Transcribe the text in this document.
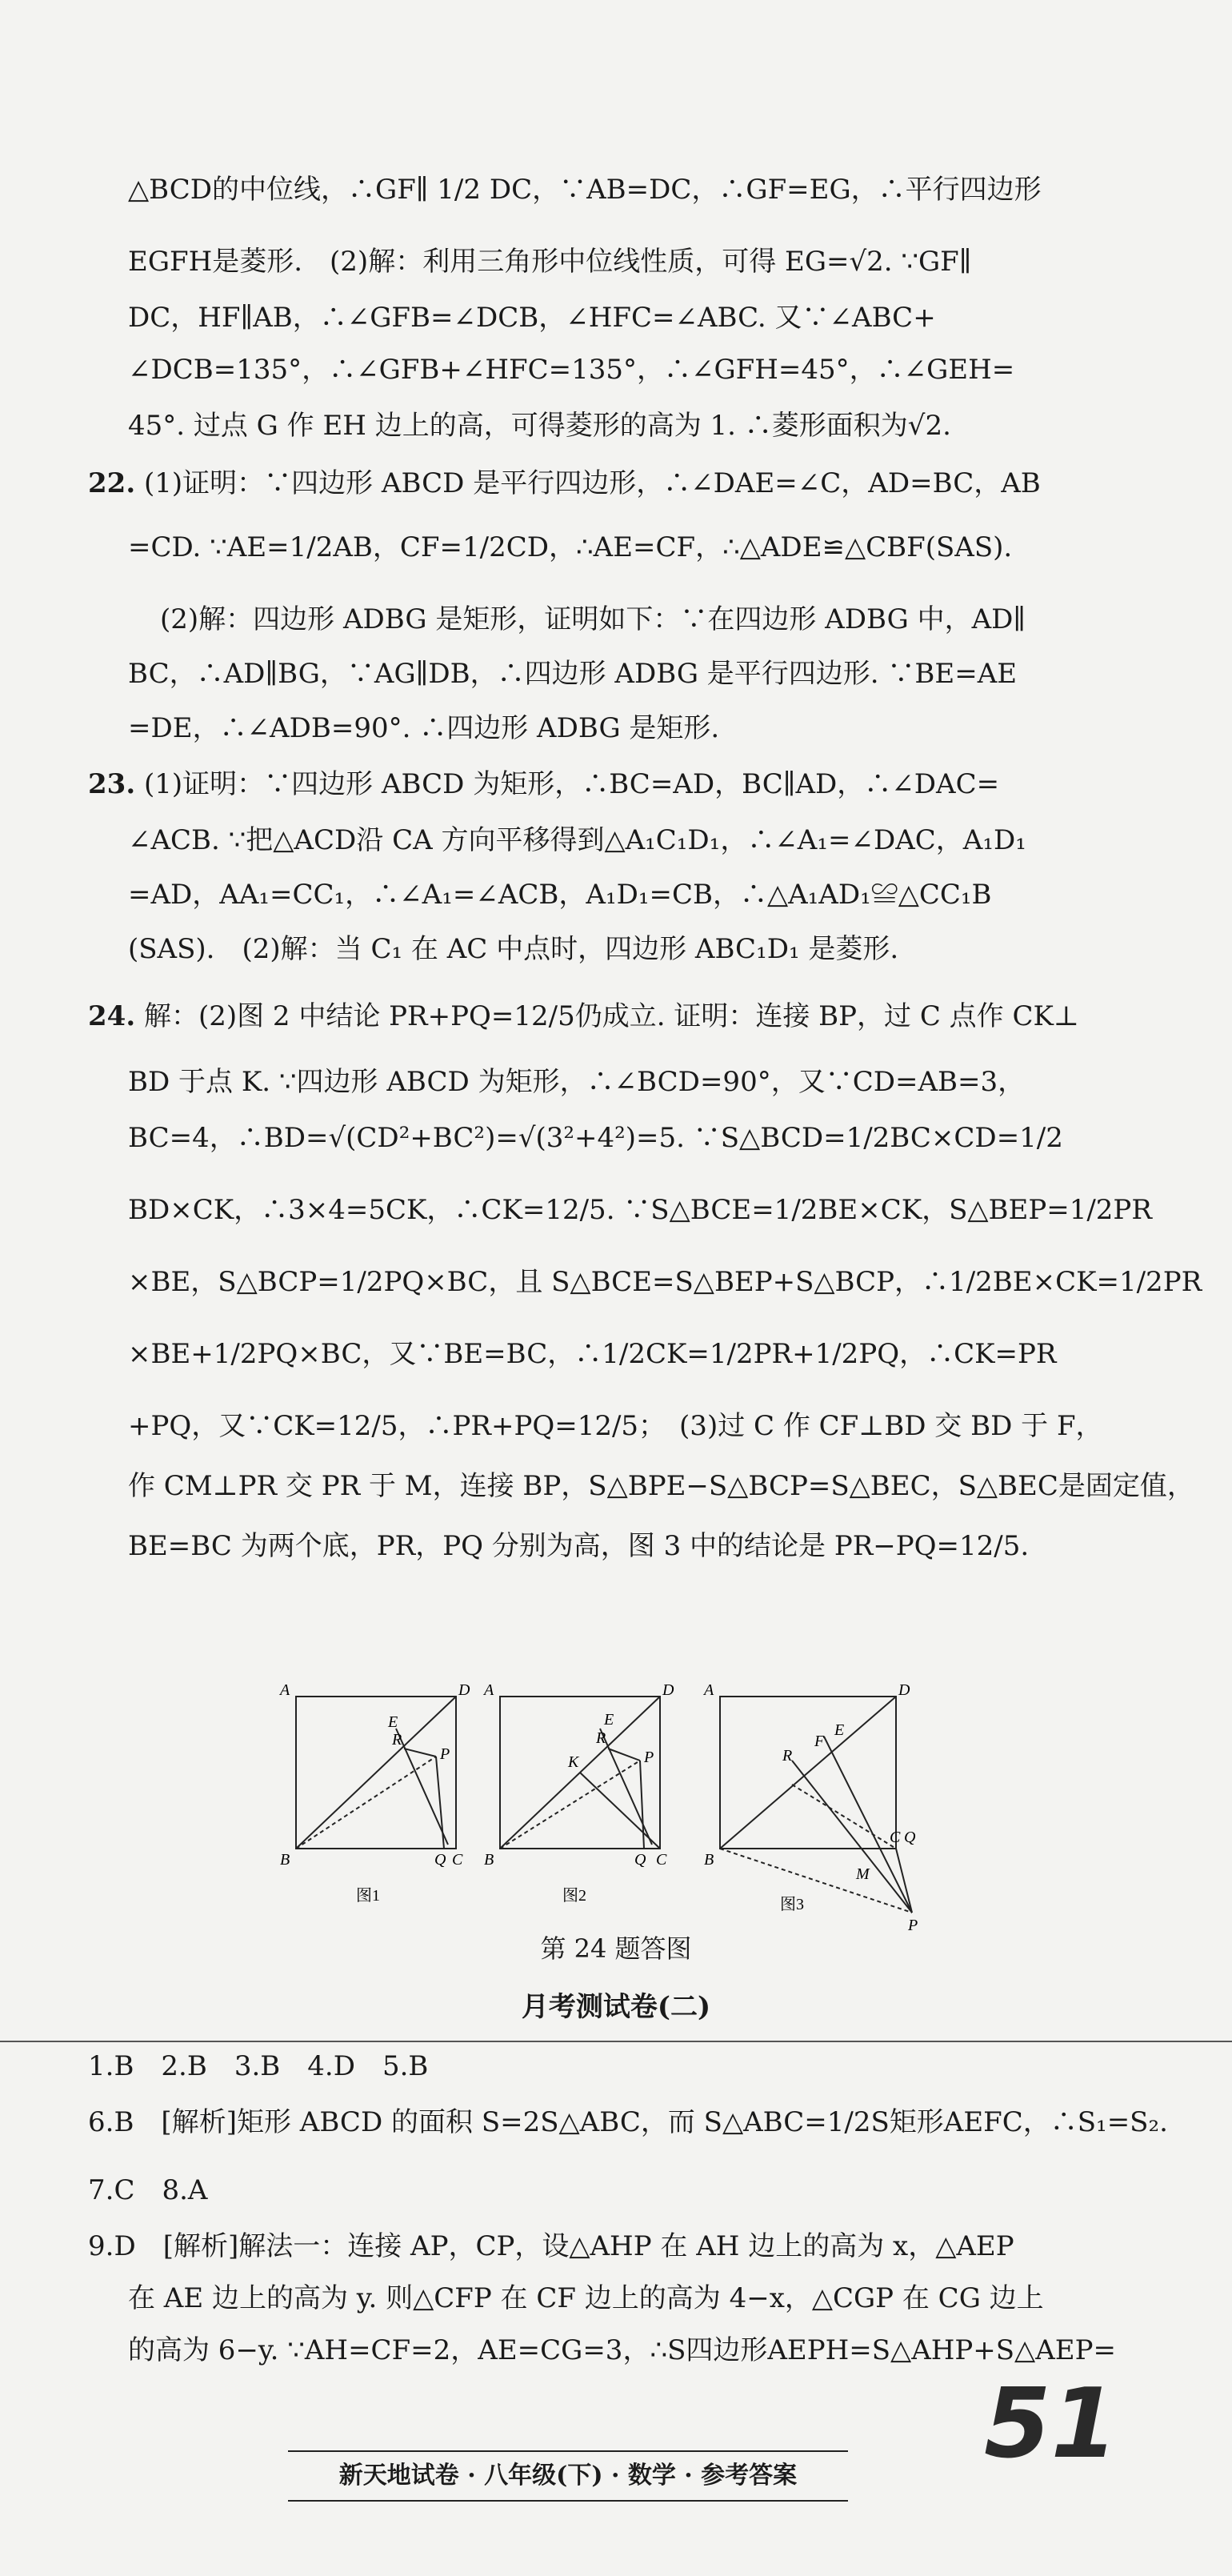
△BCD的中位线，∴GF∥ 1/2 DC，∵AB=DC，∴GF=EG，∴平行四边形
EGFH是菱形.　(2)解：利用三角形中位线性质，可得 EG=√2. ∵GF∥
DC，HF∥AB，∴∠GFB=∠DCB，∠HFC=∠ABC. 又∵∠ABC+
∠DCB=135°，∴∠GFB+∠HFC=135°，∴∠GFH=45°，∴∠GEH=
45°. 过点 G 作 EH 边上的高，可得菱形的高为 1. ∴菱形面积为√2.
22. (1)证明：∵四边形 ABCD 是平行四边形，∴∠DAE=∠C，AD=BC，AB
=CD. ∵AE=1/2AB，CF=1/2CD，∴AE=CF，∴△ADE≌△CBF(SAS).
(2)解：四边形 ADBG 是矩形，证明如下：∵在四边形 ADBG 中，AD∥
BC，∴AD∥BG，∵AG∥DB，∴四边形 ADBG 是平行四边形. ∵BE=AE
=DE，∴∠ADB=90°. ∴四边形 ADBG 是矩形.
23. (1)证明：∵四边形 ABCD 为矩形，∴BC=AD，BC∥AD，∴∠DAC=
∠ACB. ∵把△ACD沿 CA 方向平移得到△A₁C₁D₁，∴∠A₁=∠DAC，A₁D₁
=AD，AA₁=CC₁，∴∠A₁=∠ACB，A₁D₁=CB，∴△A₁AD₁≌△CC₁B
(SAS).　(2)解：当 C₁ 在 AC 中点时，四边形 ABC₁D₁ 是菱形.
24. 解：(2)图 2 中结论 PR+PQ=12/5仍成立. 证明：连接 BP，过 C 点作 CK⊥
BD 于点 K. ∵四边形 ABCD 为矩形，∴∠BCD=90°，又∵CD=AB=3，
BC=4，∴BD=√(CD²+BC²)=√(3²+4²)=5. ∵S△BCD=1/2BC×CD=1/2
BD×CK，∴3×4=5CK，∴CK=12/5. ∵S△BCE=1/2BE×CK，S△BEP=1/2PR
×BE，S△BCP=1/2PQ×BC，且 S△BCE=S△BEP+S△BCP，∴1/2BE×CK=1/2PR
×BE+1/2PQ×BC，又∵BE=BC，∴1/2CK=1/2PR+1/2PQ，∴CK=PR
+PQ，又∵CK=12/5，∴PR+PQ=12/5；　(3)过 C 作 CF⊥BD 交 BD 于 F，
作 CM⊥PR 交 PR 于 M，连接 BP，S△BPE−S△BCP=S△BEC，S△BEC是固定值，
BE=BC 为两个底，PR，PQ 分别为高，图 3 中的结论是 PR−PQ=12/5.
A	D
B	C
Q
E
R
P
图1
A	D
B	C
Q
E
R
K	P
图2
A	D
B
C Q
E
F
R
M
P
图3
第 24 题答图
月考测试卷(二)
1.B　2.B　3.B　4.D　5.B
6.B　[解析]矩形 ABCD 的面积 S=2S△ABC，而 S△ABC=1/2S矩形AEFC，∴S₁=S₂.
7.C　8.A
9.D　[解析]解法一：连接 AP，CP，设△AHP 在 AH 边上的高为 x，△AEP
在 AE 边上的高为 y. 则△CFP 在 CF 边上的高为 4−x，△CGP 在 CG 边上
的高为 6−y. ∵AH=CF=2，AE=CG=3，∴S四边形AEPH=S△AHP+S△AEP=
新天地试卷 · 八年级(下) · 数学 · 参考答案	51
